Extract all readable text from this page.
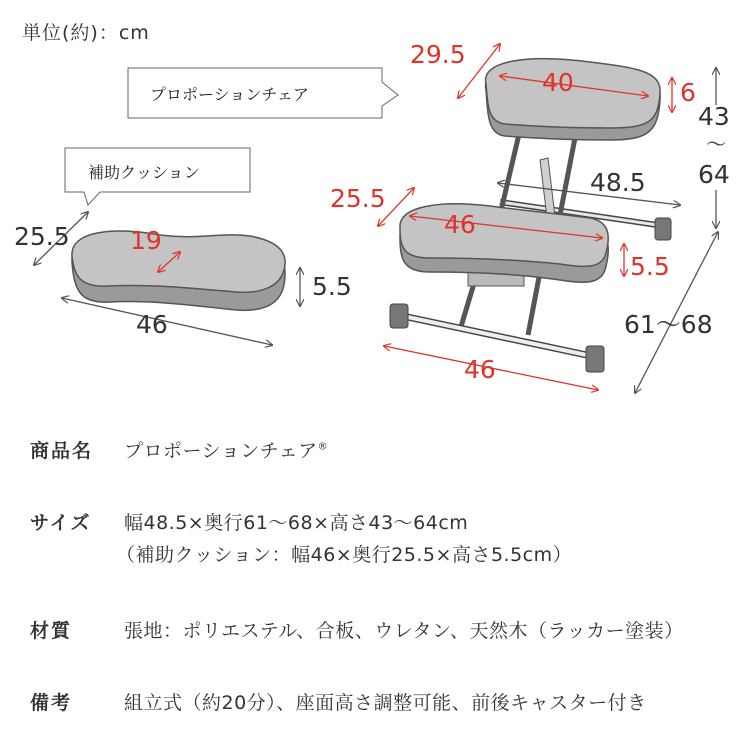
単位(約)：cm
プロポーションチェア
補助クッション
29.5
40	6
43
～
64
48.5
25.5
46
5.5
61～68
46
25.5 19
5.5
46
商品名 プロポーションチェア®
サイズ 幅48.5×奥行61～68×高さ43～64cm
（補助クッション：幅46×奥行25.5×高さ5.5cm）
材質	張地：ポリエステル、合板、ウレタン、天然木（ラッカー塗装）
備考	組立式（約20分）、座面高さ調整可能、前後キャスター付き
